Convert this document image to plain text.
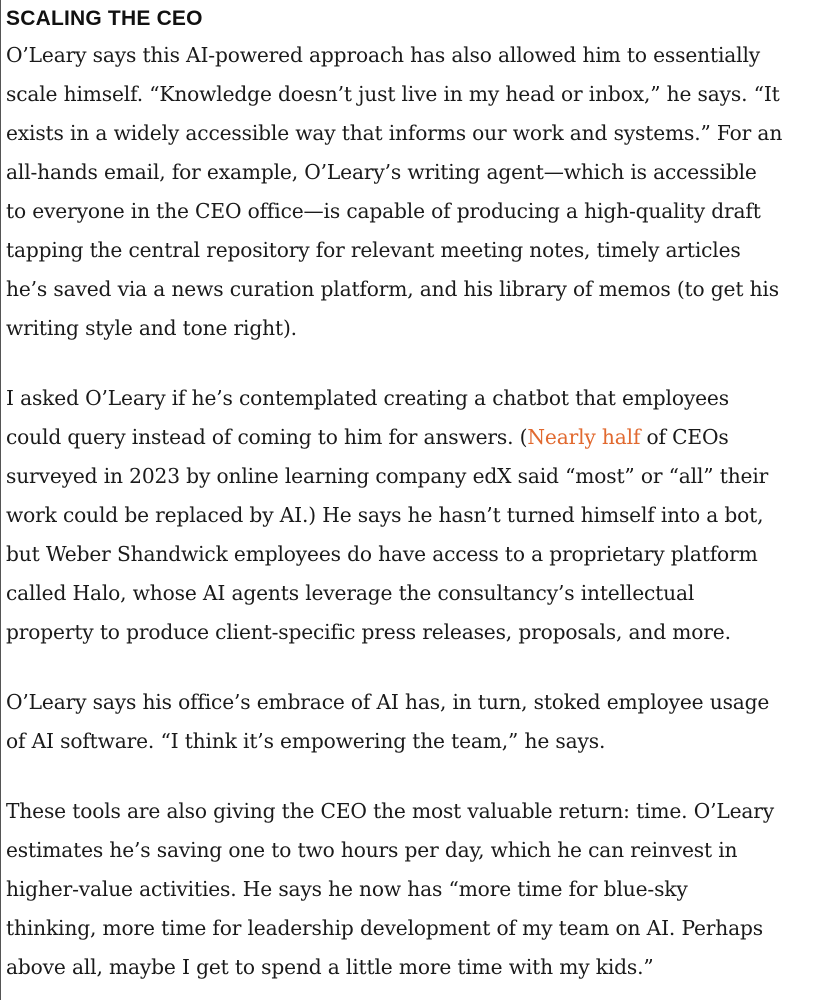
SCALING THE CEO

O’Leary says this AI-powered approach has also allowed him to essentially
scale himself. “Knowledge doesn’t just live in my head or inbox,” he says. “It
exists in a widely accessible way that informs our work and systems.” For an
all-hands email, for example, O’Leary’s writing agent—which is accessible
to everyone in the CEO office—is capable of producing a high-quality draft
tapping the central repository for relevant meeting notes, timely articles
he’s saved via a news curation platform, and his library of memos (to get his
writing style and tone right).

I asked O’Leary if he’s contemplated creating a chatbot that employees
could query instead of coming to him for answers. (Nearly half of CEOs
surveyed in 2023 by online learning company edX said “most” or “all” their
work could be replaced by AI.) He says he hasn’t turned himself into a bot,
but Weber Shandwick employees do have access to a proprietary platform
called Halo, whose AI agents leverage the consultancy’s intellectual
property to produce client-specific press releases, proposals, and more.

O’Leary says his office’s embrace of AI has, in turn, stoked employee usage
of AI software. “I think it’s empowering the team,” he says.

These tools are also giving the CEO the most valuable return: time. O’Leary
estimates he’s saving one to two hours per day, which he can reinvest in
higher-value activities. He says he now has “more time for blue-sky
thinking, more time for leadership development of my team on AI. Perhaps
above all, maybe I get to spend a little more time with my kids.”
